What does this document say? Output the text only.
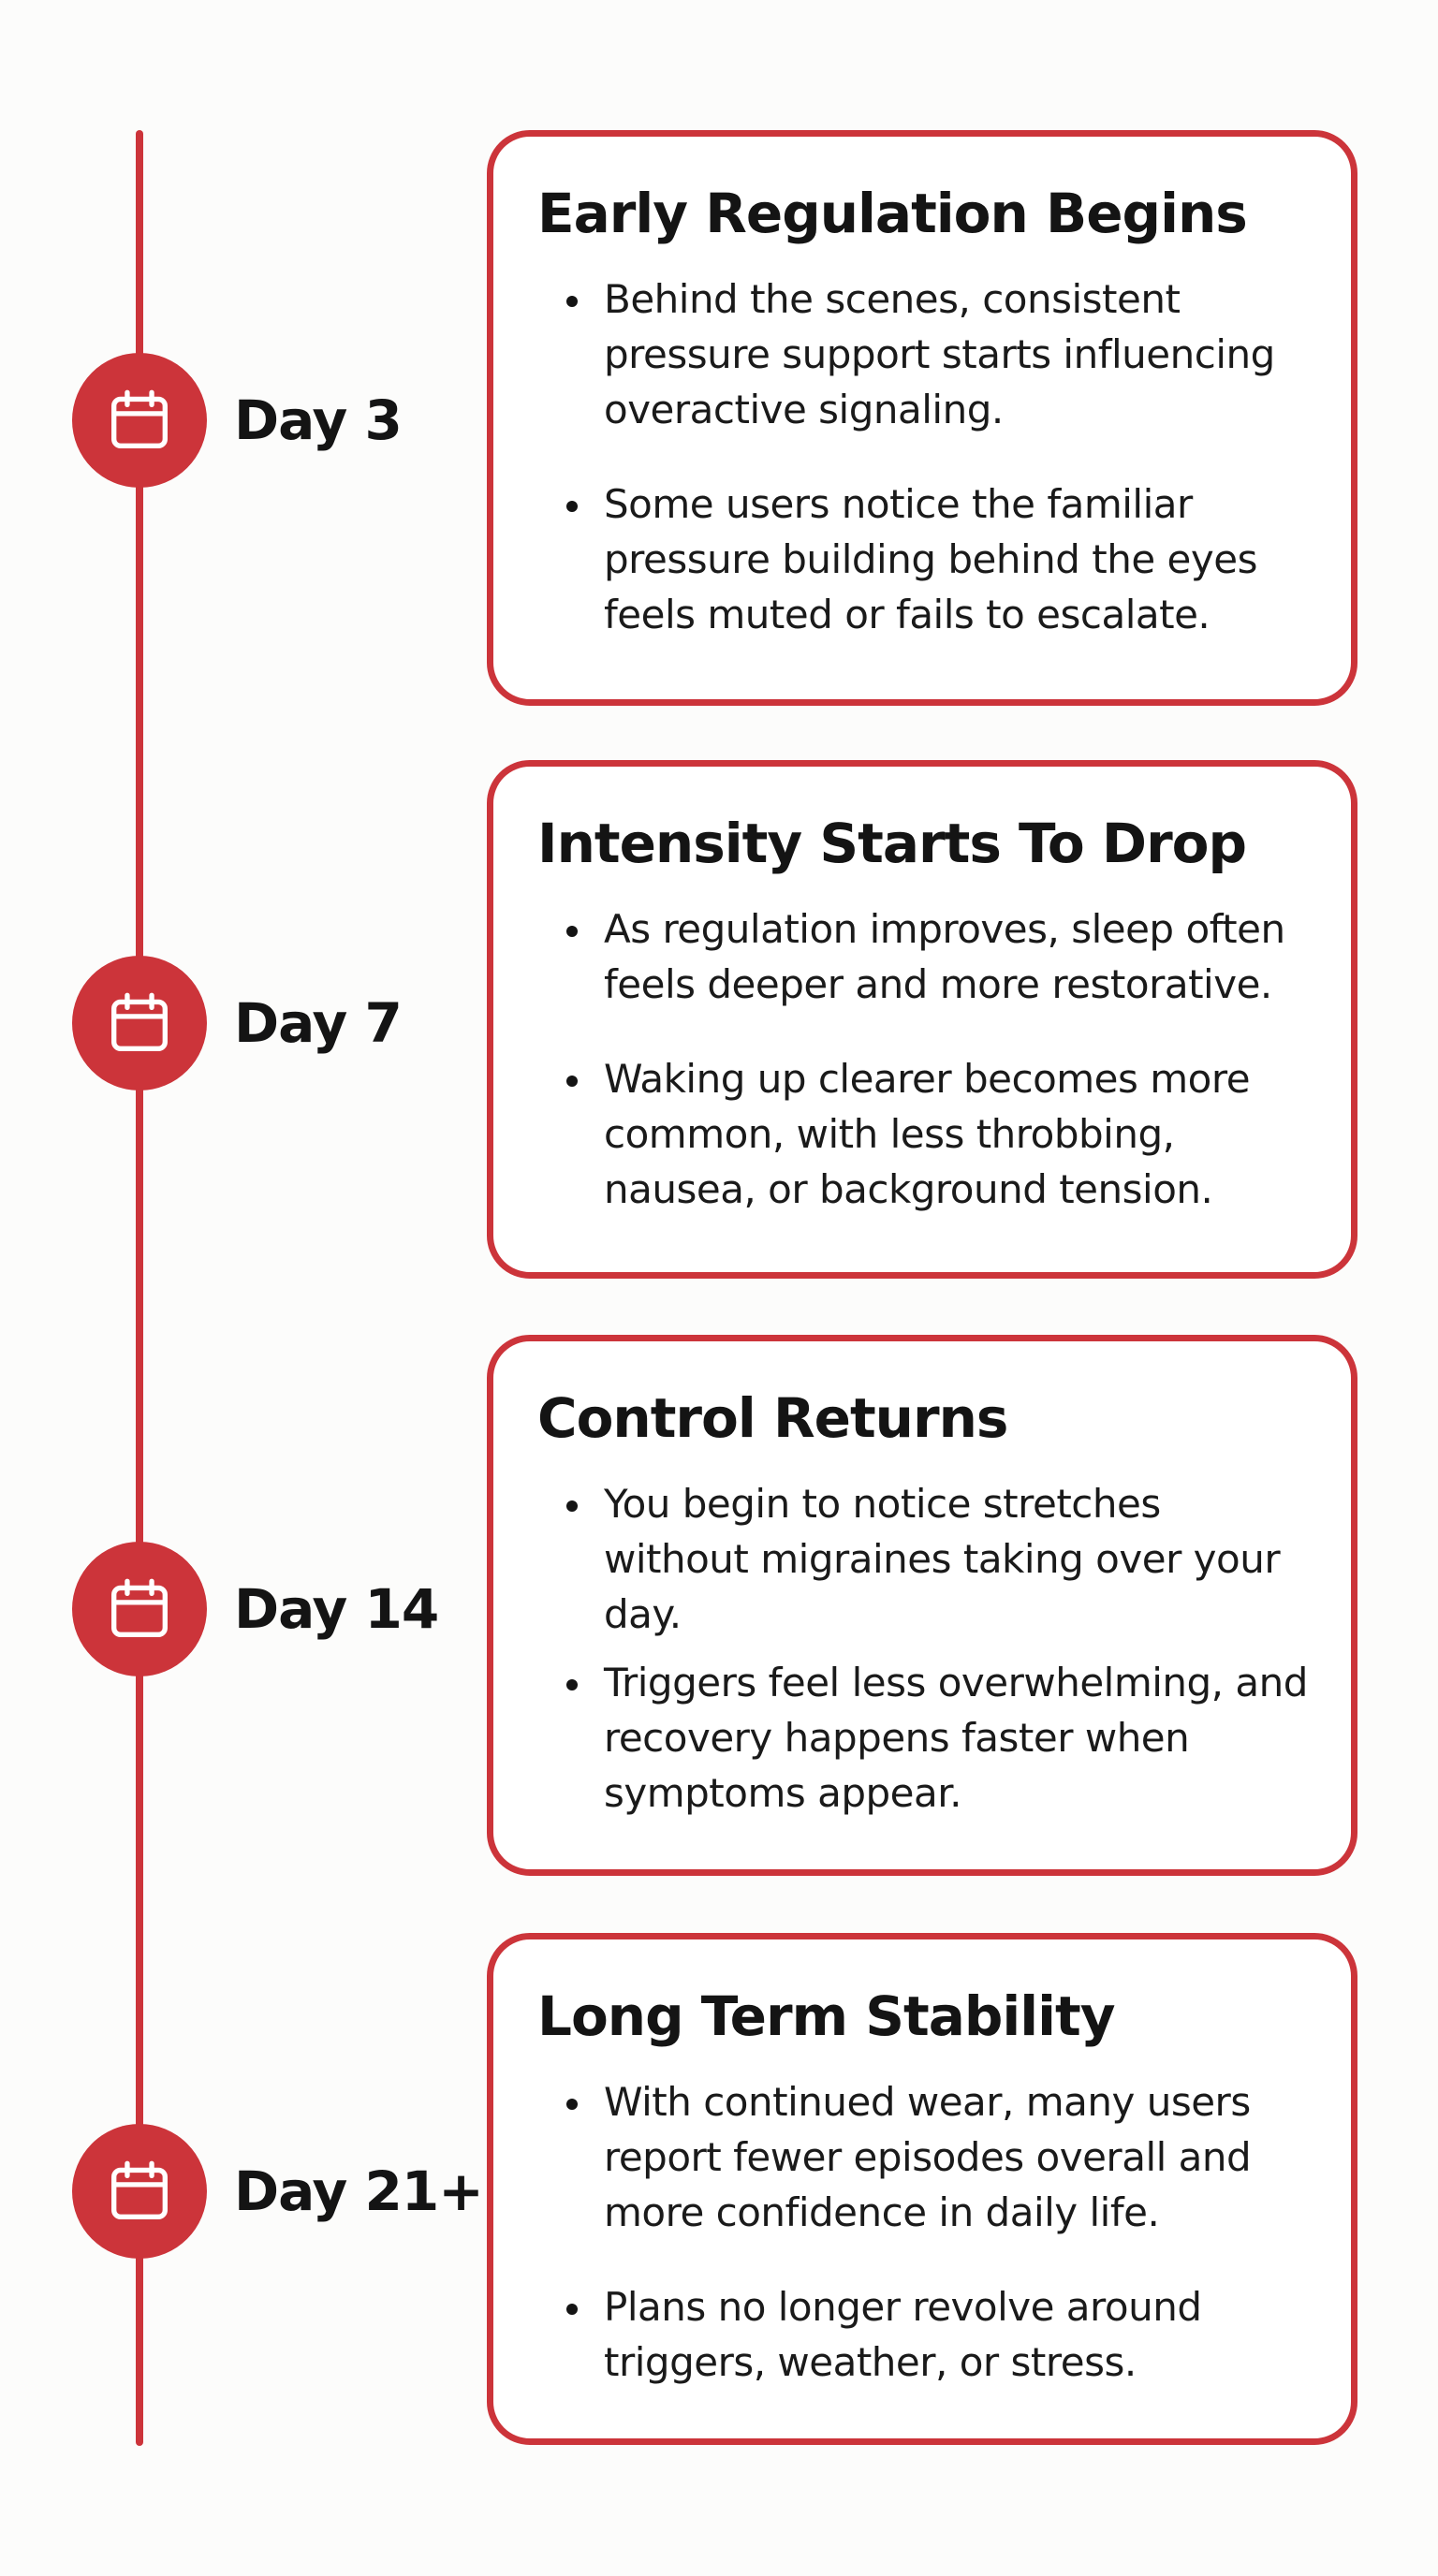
Day 3
Early Regulation Begins
Behind the scenes, consistent pressure support starts influencing overactive signaling.
Some users notice the familiar pressure building behind the eyes feels muted or fails to escalate.
Day 7
Intensity Starts To Drop
As regulation improves, sleep often feels deeper and more restorative.
Waking up clearer becomes more common, with less throbbing, nausea, or background tension.
Day 14
Control Returns
You begin to notice stretches without migraines taking over your day.
Triggers feel less overwhelming, and recovery happens faster when symptoms appear.
Day 21+
Long Term Stability
With continued wear, many users report fewer episodes overall and more confidence in daily life.
Plans no longer revolve around triggers, weather, or stress.
